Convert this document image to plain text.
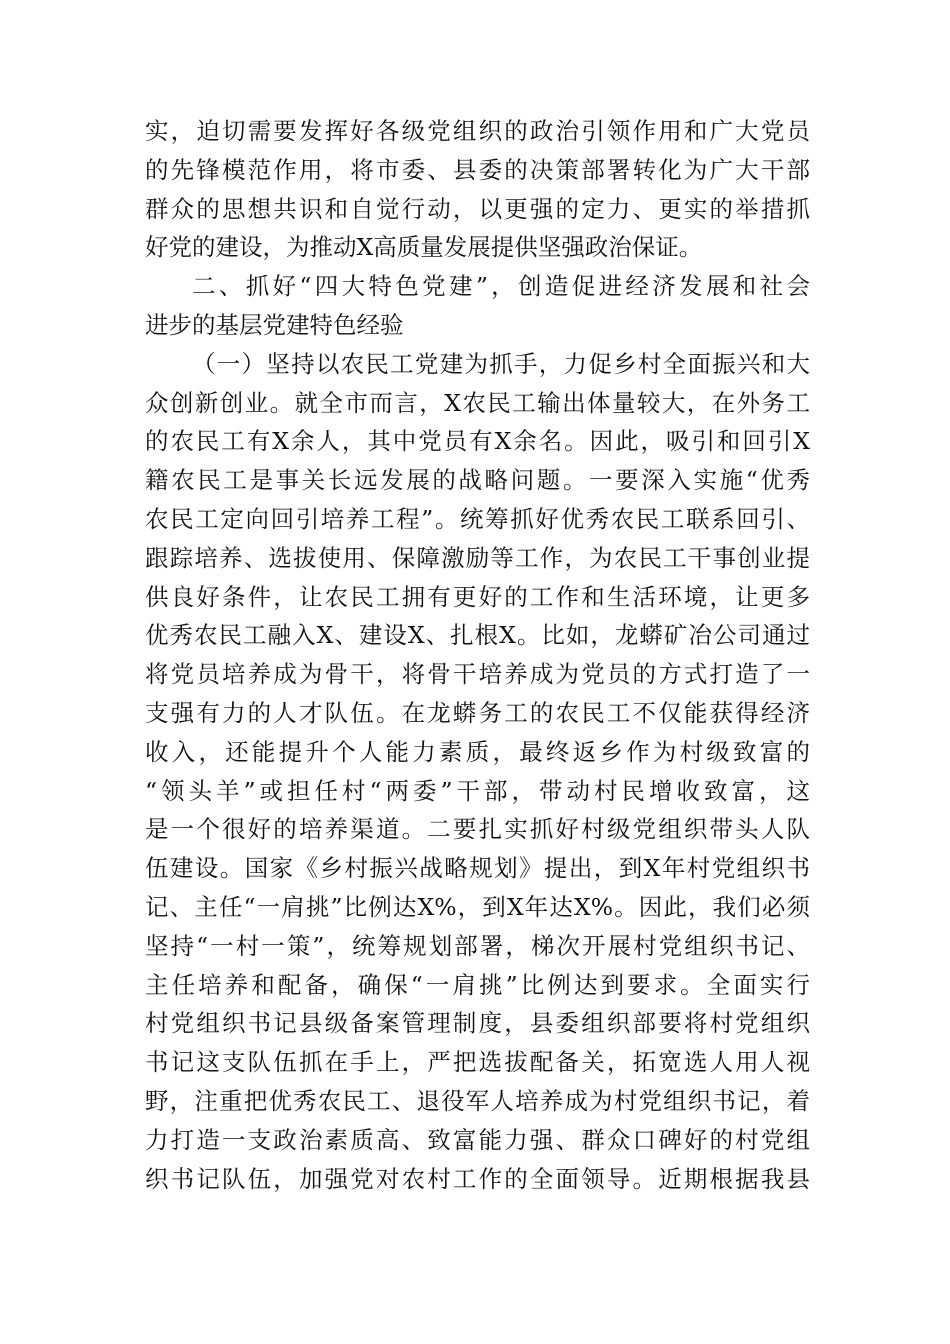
实，迫切需要发挥好各级党组织的政治引领作用和广大党员
的先锋模范作用，将市委、县委的决策部署转化为广大干部
群众的思想共识和自觉行动，以更强的定力、更实的举措抓
好党的建设，为推动X高质量发展提供坚强政治保证。
二、抓好“四大特色党建”，创造促进经济发展和社会
进步的基层党建特色经验
（一）坚持以农民工党建为抓手，力促乡村全面振兴和大
众创新创业。就全市而言，X农民工输出体量较大，在外务工
的农民工有X余人，其中党员有X余名。因此，吸引和回引X
籍农民工是事关长远发展的战略问题。一要深入实施“优秀
农民工定向回引培养工程”。统筹抓好优秀农民工联系回引、
跟踪培养、选拔使用、保障激励等工作，为农民工干事创业提
供良好条件，让农民工拥有更好的工作和生活环境，让更多
优秀农民工融入X、建设X、扎根X。比如，龙蟒矿冶公司通过
将党员培养成为骨干，将骨干培养成为党员的方式打造了一
支强有力的人才队伍。在龙蟒务工的农民工不仅能获得经济
收入，还能提升个人能力素质，最终返乡作为村级致富的
“领头羊”或担任村“两委”干部，带动村民增收致富，这
是一个很好的培养渠道。二要扎实抓好村级党组织带头人队
伍建设。国家《乡村振兴战略规划》提出，到X年村党组织书
记、主任“一肩挑”比例达X%，到X年达X%。因此，我们必须
坚持“一村一策”，统筹规划部署，梯次开展村党组织书记、
主任培养和配备，确保“一肩挑”比例达到要求。全面实行
村党组织书记县级备案管理制度，县委组织部要将村党组织
书记这支队伍抓在手上，严把选拔配备关，拓宽选人用人视
野，注重把优秀农民工、退役军人培养成为村党组织书记，着
力打造一支政治素质高、致富能力强、群众口碑好的村党组
织书记队伍，加强党对农村工作的全面领导。近期根据我县
